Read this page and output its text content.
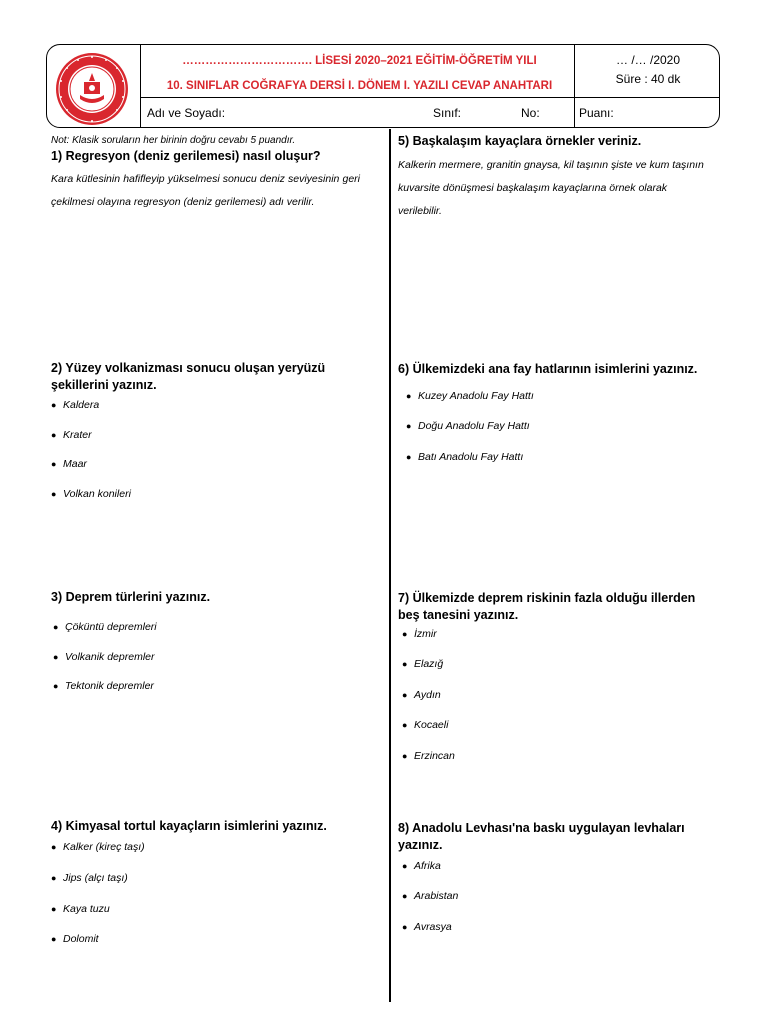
……………………………. LİSESİ 2020–2021 EĞİTİM-ÖĞRETİM YILI
10. SINIFLAR COĞRAFYA DERSİ I. DÖNEM I. YAZILI CEVAP ANAHTARI
… /… /2020
Süre : 40 dk
Adı ve Soyadı:	Sınıf:	No:	Puanı:
Not: Klasik soruların her birinin doğru cevabı 5 puandır.
1) Regresyon (deniz gerilemesi) nasıl oluşur?
Kara kütlesinin hafifleyip yükselmesi sonucu deniz seviyesinin geri çekilmesi olayına regresyon (deniz gerilemesi) adı verilir.
2) Yüzey volkanizması sonucu oluşan yeryüzü şekillerini yazınız.
● Kaldera
● Krater
● Maar
● Volkan konileri
3) Deprem türlerini yazınız.
● Çöküntü depremleri
● Volkanik depremler
● Tektonik depremler
4) Kimyasal tortul kayaçların isimlerini yazınız.
● Kalker (kireç taşı)
● Jips (alçı taşı)
● Kaya tuzu
● Dolomit
5) Başkalaşım kayaçlara örnekler veriniz.
Kalkerin mermere, granitin gnaysa, kil taşının şiste ve kum taşının kuvarsite dönüşmesi başkalaşım kayaçlarına örnek olarak verilebilir.
6) Ülkemizdeki ana fay hatlarının isimlerini yazınız.
● Kuzey Anadolu Fay Hattı
● Doğu Anadolu Fay Hattı
● Batı Anadolu Fay Hattı
7) Ülkemizde deprem riskinin fazla olduğu illerden beş tanesini yazınız.
● İzmir
● Elazığ
● Aydın
● Kocaeli
● Erzincan
8) Anadolu Levhası'na baskı uygulayan levhaları yazınız.
● Afrika
● Arabistan
● Avrasya
